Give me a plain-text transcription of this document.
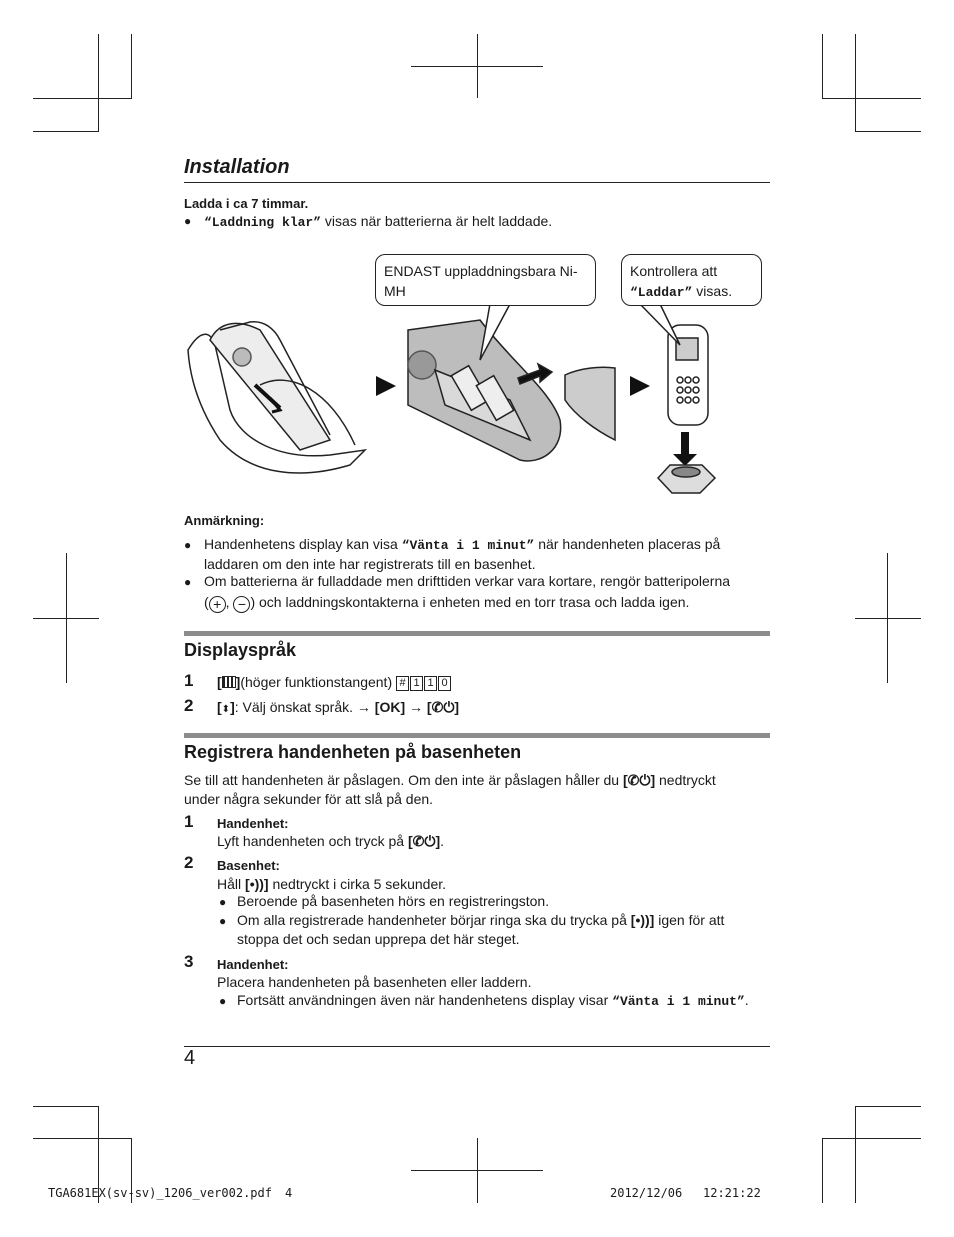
Installation
Ladda i ca 7 timmar.
● “Laddning klar” visas när batterierna är helt laddade.
ENDAST uppladdningsbara Ni-MH
Kontrollera att
“Laddar” visas.
Anmärkning:
● Handenhetens display kan visa “Vänta i 1 minut” när handenheten placeras på
laddaren om den inte har registrerats till en basenhet.
● Om batterierna är fulladdade men drifttiden verkar vara kortare, rengör batteripolerna
( + , − ) och laddningskontakterna i enheten med en torr trasa och ladda igen.
Displayspråk
1 [ ](höger funktionstangent) # 1 1 0
2 [⬍]: Välj önskat språk. → [OK] → [✆⏻]
Registrera handenheten på basenheten
Se till att handenheten är påslagen. Om den inte är påslagen håller du [✆⏻] nedtryckt
under några sekunder för att slå på den.
1 Handenhet:
Lyft handenheten och tryck på [✆⏻].
2 Basenhet:
Håll [•))] nedtryckt i cirka 5 sekunder.
● Beroende på basenheten hörs en registreringston.
● Om alla registrerade handenheter börjar ringa ska du trycka på [•))] igen för att
stoppa det och sedan upprepa det här steget.
3 Handenhet:
Placera handenheten på basenheten eller laddern.
● Fortsätt användningen även när handenhetens display visar “Vänta i 1 minut”.
4
TGA681EX(sv-sv)_1206_ver002.pdf 4	2012/12/06 12:21:22
